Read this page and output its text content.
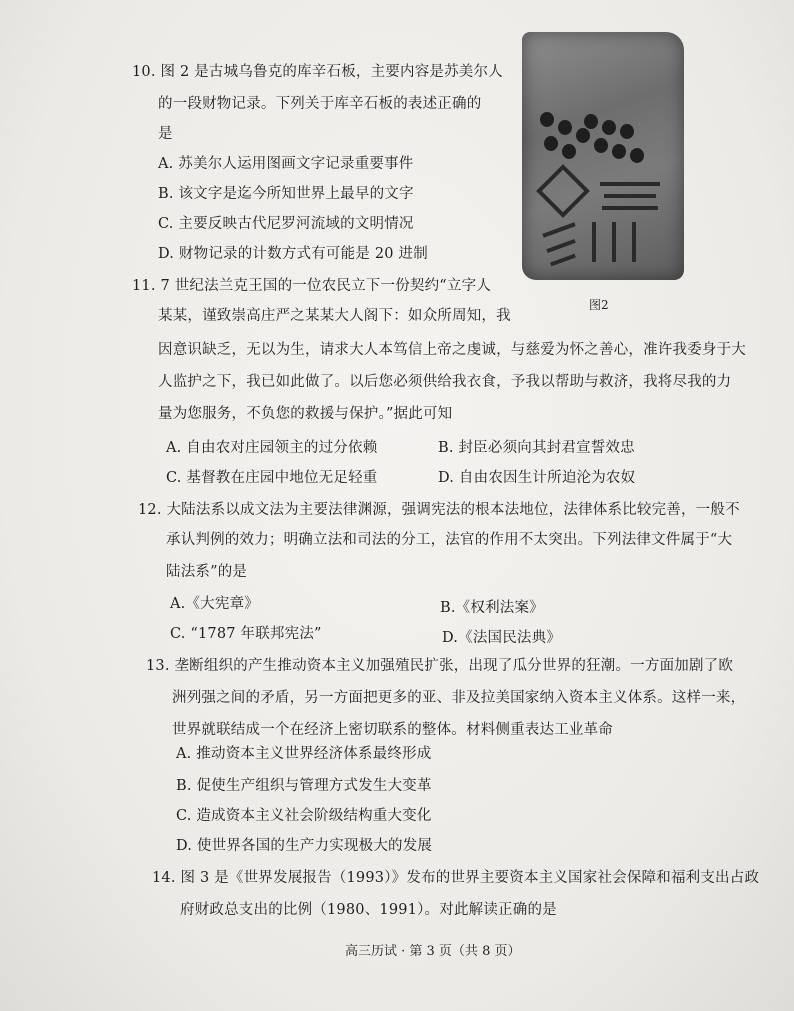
10. 图 2 是古城乌鲁克的库辛石板，主要内容是苏美尔人
的一段财物记录。下列关于库辛石板的表述正确的
是
A. 苏美尔人运用图画文字记录重要事件
B. 该文字是迄今所知世界上最早的文字
C. 主要反映古代尼罗河流域的文明情况
D. 财物记录的计数方式有可能是 20 进制
图2
11. 7 世纪法兰克王国的一位农民立下一份契约“立字人
某某，谨致崇高庄严之某某大人阁下：如众所周知，我
因意识缺乏，无以为生，请求大人本笃信上帝之虔诚，与慈爱为怀之善心，准许我委身于大
人监护之下，我已如此做了。以后您必须供给我衣食，予我以帮助与救济，我将尽我的力
量为您服务，不负您的救援与保护。”据此可知
A. 自由农对庄园领主的过分依赖	B. 封臣必须向其封君宣誓效忠
C. 基督教在庄园中地位无足轻重	D. 自由农因生计所迫沦为农奴
12. 大陆法系以成文法为主要法律渊源，强调宪法的根本法地位，法律体系比较完善，一般不
承认判例的效力；明确立法和司法的分工，法官的作用不太突出。下列法律文件属于“大
陆法系”的是
A.《大宪章》	B.《权利法案》
C. “1787 年联邦宪法”	D.《法国民法典》
13. 垄断组织的产生推动资本主义加强殖民扩张，出现了瓜分世界的狂潮。一方面加剧了欧
洲列强之间的矛盾，另一方面把更多的亚、非及拉美国家纳入资本主义体系。这样一来，
世界就联结成一个在经济上密切联系的整体。材料侧重表达工业革命
A. 推动资本主义世界经济体系最终形成
B. 促使生产组织与管理方式发生大变革
C. 造成资本主义社会阶级结构重大变化
D. 使世界各国的生产力实现极大的发展
14. 图 3 是《世界发展报告（1993）》发布的世界主要资本主义国家社会保障和福利支出占政
府财政总支出的比例（1980、1991）。对此解读正确的是
高三历试 · 第 3 页（共 8 页）
